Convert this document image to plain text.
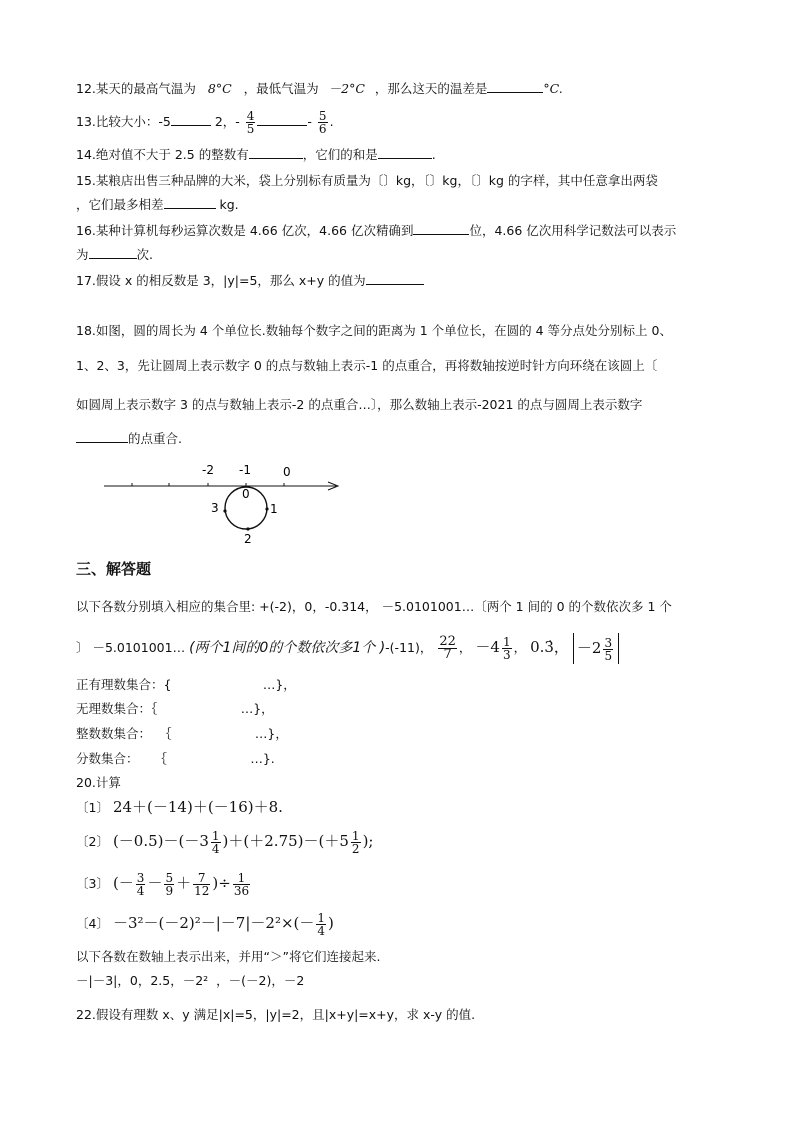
12.某天的最高气温为 8°C ，最低气温为 －2°C ，那么这天的温差是	°C.
13.比较大小：-5	2，- $\frac{4}{5}$	- $\frac{5}{6}$ .
14.绝对值不大于 2.5 的整数有	，它们的和是	.
15.某粮店出售三种品牌的大米，袋上分别标有质量为〔〕kg，〔〕kg，〔〕kg 的字样，其中任意拿出两袋
，它们最多相差	kg.
16.某种计算机每秒运算次数是 4.66 亿次，4.66 亿次精确到	位，4.66 亿次用科学记数法可以表示
为	次.
17.假设 x 的相反数是 3，|y|=5，那么 x+y 的值为
18.如图，圆的周长为 4 个单位长.数轴每个数字之间的距离为 1 个单位长，在圆的 4 等分点处分别标上 0、
1、2、3，先让圆周上表示数字 0 的点与数轴上表示-1 的点重合，再将数轴按逆时针方向环绕在该圆上〔
如圆周上表示数字 3 的点与数轴上表示-2 的点重合…〕，那么数轴上表示-2021 的点与圆周上表示数字
的点重合.
-2 -1	0
0
1
2
3
三、解答题
以下各数分别填入相应的集合里: +(-2)，0，-0.314， －5.0101001…〔两个 1 间的 0 的个数依次多 1 个
〕 －5.0101001… (两个1间的0的个数依次多1个 )-(-11)， $\frac{22}{7}$ ， $-4 \frac{1}{3}$ ， 0.3̇， $-2 \frac{3}{5}$
正有理数集合：{                       …}，
无理数集合：｛                     …}，
整数数集合：  ｛                     …}，
分数集合：    ｛                     …}.
20.计算
〔1〕 24＋(－14)＋(－16)＋8.
〔2〕 $(-0.5)-(-3 \frac{1}{4} )+(+2.75)-(+5 \frac{1}{2}$ );
〔3〕 (－ $\frac{3}{4} - \frac{5}{9} + \frac{7}{12}$ )÷ $\frac{1}{36}$
〔4〕 $-3^2-(-2)^2-|-7|-2^2\times(- \frac{1}{4}$ )
以下各数在数轴上表示出来，并用“＞”将它们连接起来.
－|－3|，0，2.5，－2²  ，－(－2)，－2
22.假设有理数 x、y 满足|x|=5，|y|=2，且|x+y|=x+y，求 x-y 的值.
